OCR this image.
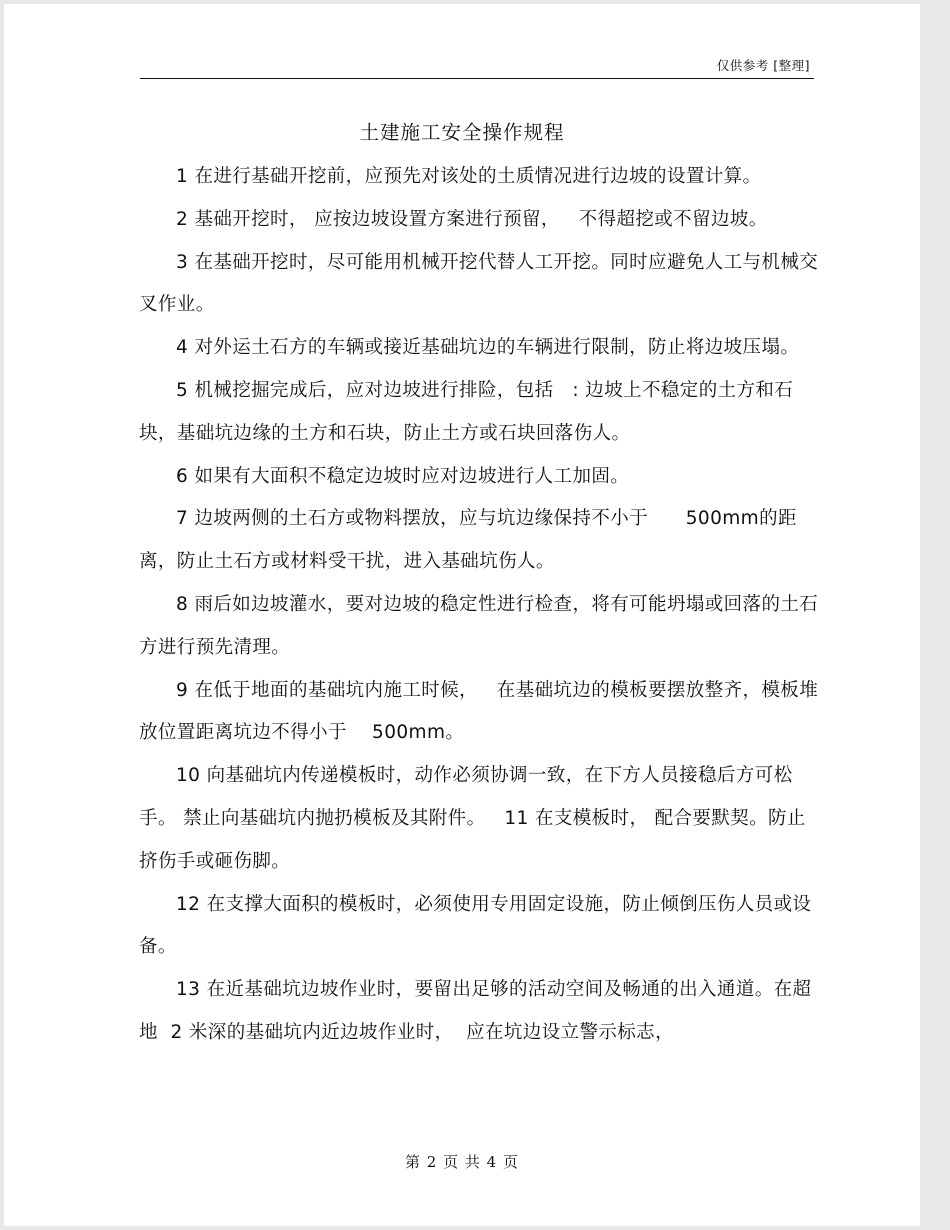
仅供参考 [整理]
土建施工安全操作规程

1 在进行基础开挖前，应预先对该处的土质情况进行边坡的设置计算。

2 基础开挖时， 应按边坡设置方案进行预留，   不得超挖或不留边坡。

3 在基础开挖时，尽可能用机械开挖代替人工开挖。同时应避免人工与机械交叉作业。

4 对外运土石方的车辆或接近基础坑边的车辆进行限制，防止将边坡压塌。

5 机械挖掘完成后，应对边坡进行排险，包括   : 边坡上不稳定的土方和石块，基础坑边缘的土方和石块，防止土方或石块回落伤人。

6 如果有大面积不稳定边坡时应对边坡进行人工加固。

7 边坡两侧的土石方或物料摆放，应与坑边缘保持不小于      500mm的距离，防止土石方或材料受干扰，进入基础坑伤人。

8 雨后如边坡灌水，要对边坡的稳定性进行检查，将有可能坍塌或回落的土石方进行预先清理。

9 在低于地面的基础坑内施工时候，   在基础坑边的模板要摆放整齐，模板堆放位置距离坑边不得小于    500mm。

10 向基础坑内传递模板时，动作必须协调一致，在下方人员接稳后方可松手。 禁止向基础坑内抛扔模板及其附件。   11 在支模板时， 配合要默契。防止挤伤手或砸伤脚。

12 在支撑大面积的模板时，必须使用专用固定设施，防止倾倒压伤人员或设备。

13 在近基础坑边坡作业时，要留出足够的活动空间及畅通的出入通道。在超地  2 米深的基础坑内近边坡作业时，  应在坑边设立警示标志，

第 2 页 共 4 页
